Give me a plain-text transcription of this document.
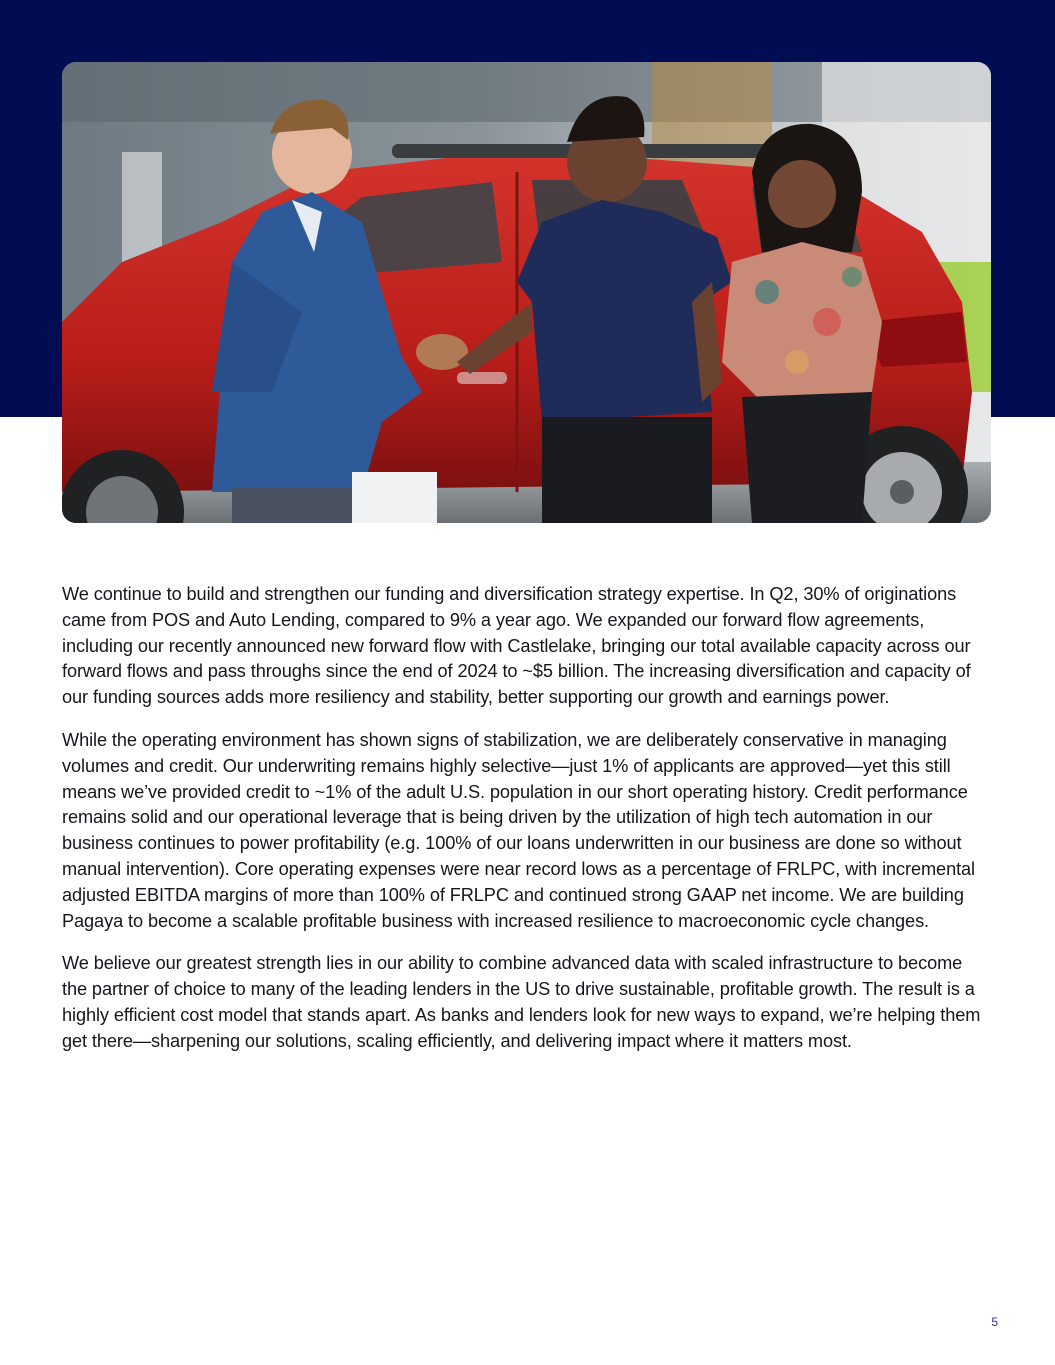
We continue to build and strengthen our funding and diversification strategy expertise. In Q2, 30% of originations came from POS and Auto Lending, compared to 9% a year ago. We expanded our forward flow agreements, including our recently announced new forward flow with Castlelake, bringing our total available capacity across our forward flows and pass throughs since the end of 2024 to ~$5 billion. The increasing diversification and capacity of our funding sources adds more resiliency and stability, better supporting our growth and earnings power.

While the operating environment has shown signs of stabilization, we are deliberately conservative in managing volumes and credit. Our underwriting remains highly selective—just 1% of applicants are approved—yet this still means we’ve provided credit to ~1% of the adult U.S. population in our short operating history. Credit performance remains solid and our operational leverage that is being driven by the utilization of high tech automation in our business continues to power profitability (e.g. 100% of our loans underwritten in our business are done so without manual intervention). Core operating expenses were near record lows as a percentage of FRLPC, with incremental adjusted EBITDA margins of more than 100% of FRLPC and continued strong GAAP net income. We are building Pagaya to become a scalable profitable business with increased resilience to macroeconomic cycle changes.

We believe our greatest strength lies in our ability to combine advanced data with scaled infrastructure to become the partner of choice to many of the leading lenders in the US to drive sustainable, profitable growth. The result is a highly efficient cost model that stands apart. As banks and lenders look for new ways to expand, we’re helping them get there—sharpening our solutions, scaling efficiently, and delivering impact where it matters most.

5
